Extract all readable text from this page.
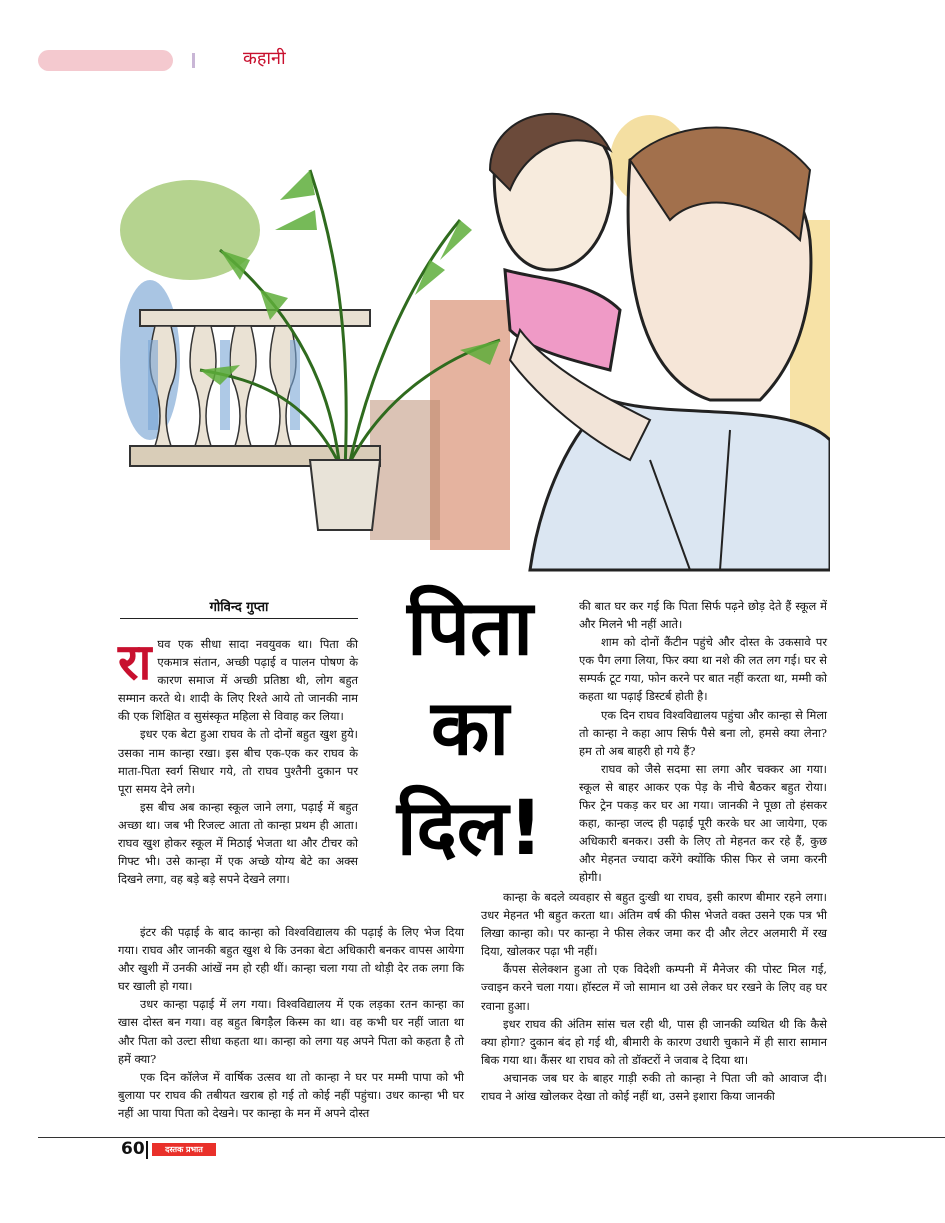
कहानी
गोविन्द गुप्ता	पिता
का
दिल!
रा घव एक सीधा सादा नवयुवक था। पिता की एकमात्र संतान, अच्छी पढ़ाई व पालन पोषण के कारण समाज में अच्छी प्रतिष्ठा थी, लोग बहुत सम्मान करते थे। शादी के लिए रिश्ते आये तो जानकी नाम की एक शिक्षित व सुसंस्कृत महिला से विवाह कर लिया।

इधर एक बेटा हुआ राघव के तो दोनों बहुत खुश हुये। उसका नाम कान्हा रखा। इस बीच एक-एक कर राघव के माता-पिता स्वर्ग सिधार गये, तो राघव पुश्तैनी दुकान पर पूरा समय देने लगे।

इस बीच अब कान्हा स्कूल जाने लगा, पढ़ाई में बहुत अच्छा था। जब भी रिजल्ट आता तो कान्हा प्रथम ही आता। राघव खुश होकर स्कूल में मिठाई भेजता था और टीचर को गिफ्ट भी। उसे कान्हा में एक अच्छे योग्य बेटे का अक्स दिखने लगा, वह बड़े बड़े सपने देखने लगा।

इंटर की पढ़ाई के बाद कान्हा को विश्वविद्यालय की पढ़ाई के लिए भेज दिया गया। राघव और जानकी बहुत खुश थे कि उनका बेटा अधिकारी बनकर वापस आयेगा और खुशी में उनकी आंखें नम हो रही थीं। कान्हा चला गया तो थोड़ी देर तक लगा कि घर खाली हो गया।

उधर कान्हा पढ़ाई में लग गया। विश्वविद्यालय में एक लड़का रतन कान्हा का खास दोस्त बन गया। वह बहुत बिगड़ैल किस्म का था। वह कभी घर नहीं जाता था और पिता को उल्टा सीधा कहता था। कान्हा को लगा यह अपने पिता को कहता है तो हमें क्या?

एक दिन कॉलेज में वार्षिक उत्सव था तो कान्हा ने घर पर मम्मी पापा को भी बुलाया पर राघव की तबीयत खराब हो गई तो कोई नहीं पहुंचा। उधर कान्हा भी घर नहीं आ पाया पिता को देखने। पर कान्हा के मन में अपने दोस्त

की बात घर कर गई कि पिता सिर्फ पढ़ने छोड़ देते हैं स्कूल में और मिलने भी नहीं आते।

शाम को दोनों कैंटीन पहुंचे और दोस्त के उकसावे पर एक पैग लगा लिया, फिर क्या था नशे की लत लग गई। घर से सम्पर्क टूट गया, फोन करने पर बात नहीं करता था, मम्मी को कहता था पढ़ाई डिस्टर्ब होती है।

एक दिन राघव विश्वविद्यालय पहुंचा और कान्हा से मिला तो कान्हा ने कहा आप सिर्फ पैसे बना लो, हमसे क्या लेना? हम तो अब बाहरी हो गये हैं?

राघव को जैसे सदमा सा लगा और चक्कर आ गया। स्कूल से बाहर आकर एक पेड़ के नीचे बैठकर बहुत रोया। फिर ट्रेन पकड़ कर घर आ गया। जानकी ने पूछा तो हंसकर कहा, कान्हा जल्द ही पढ़ाई पूरी करके घर आ जायेगा, एक अधिकारी बनकर। उसी के लिए तो मेहनत कर रहे हैं, कुछ और मेहनत ज्यादा करेंगे क्योंकि फीस फिर से जमा करनी होगी।

कान्हा के बदले व्यवहार से बहुत दुःखी था राघव, इसी कारण बीमार रहने लगा। उधर मेहनत भी बहुत करता था। अंतिम वर्ष की फीस भेजते वक्त उसने एक पत्र भी लिखा कान्हा को। पर कान्हा ने फीस लेकर जमा कर दी और लेटर अलमारी में रख दिया, खोलकर पढ़ा भी नहीं।

कैंपस सेलेक्शन हुआ तो एक विदेशी कम्पनी में मैनेजर की पोस्ट मिल गई, ज्वाइन करने चला गया। हॉस्टल में जो सामान था उसे लेकर घर रखने के लिए वह घर रवाना हुआ।

इधर राघव की अंतिम सांस चल रही थी, पास ही जानकी व्यथित थी कि कैसे क्या होगा? दुकान बंद हो गई थी, बीमारी के कारण उधारी चुकाने में ही सारा सामान बिक गया था। कैंसर था राघव को तो डॉक्टरों ने जवाब दे दिया था।

अचानक जब घर के बाहर गाड़ी रुकी तो कान्हा ने पिता जी को आवाज दी। राघव ने आंख खोलकर देखा तो कोई नहीं था, उसने इशारा किया जानकी

60	दस्तक प्रभात
